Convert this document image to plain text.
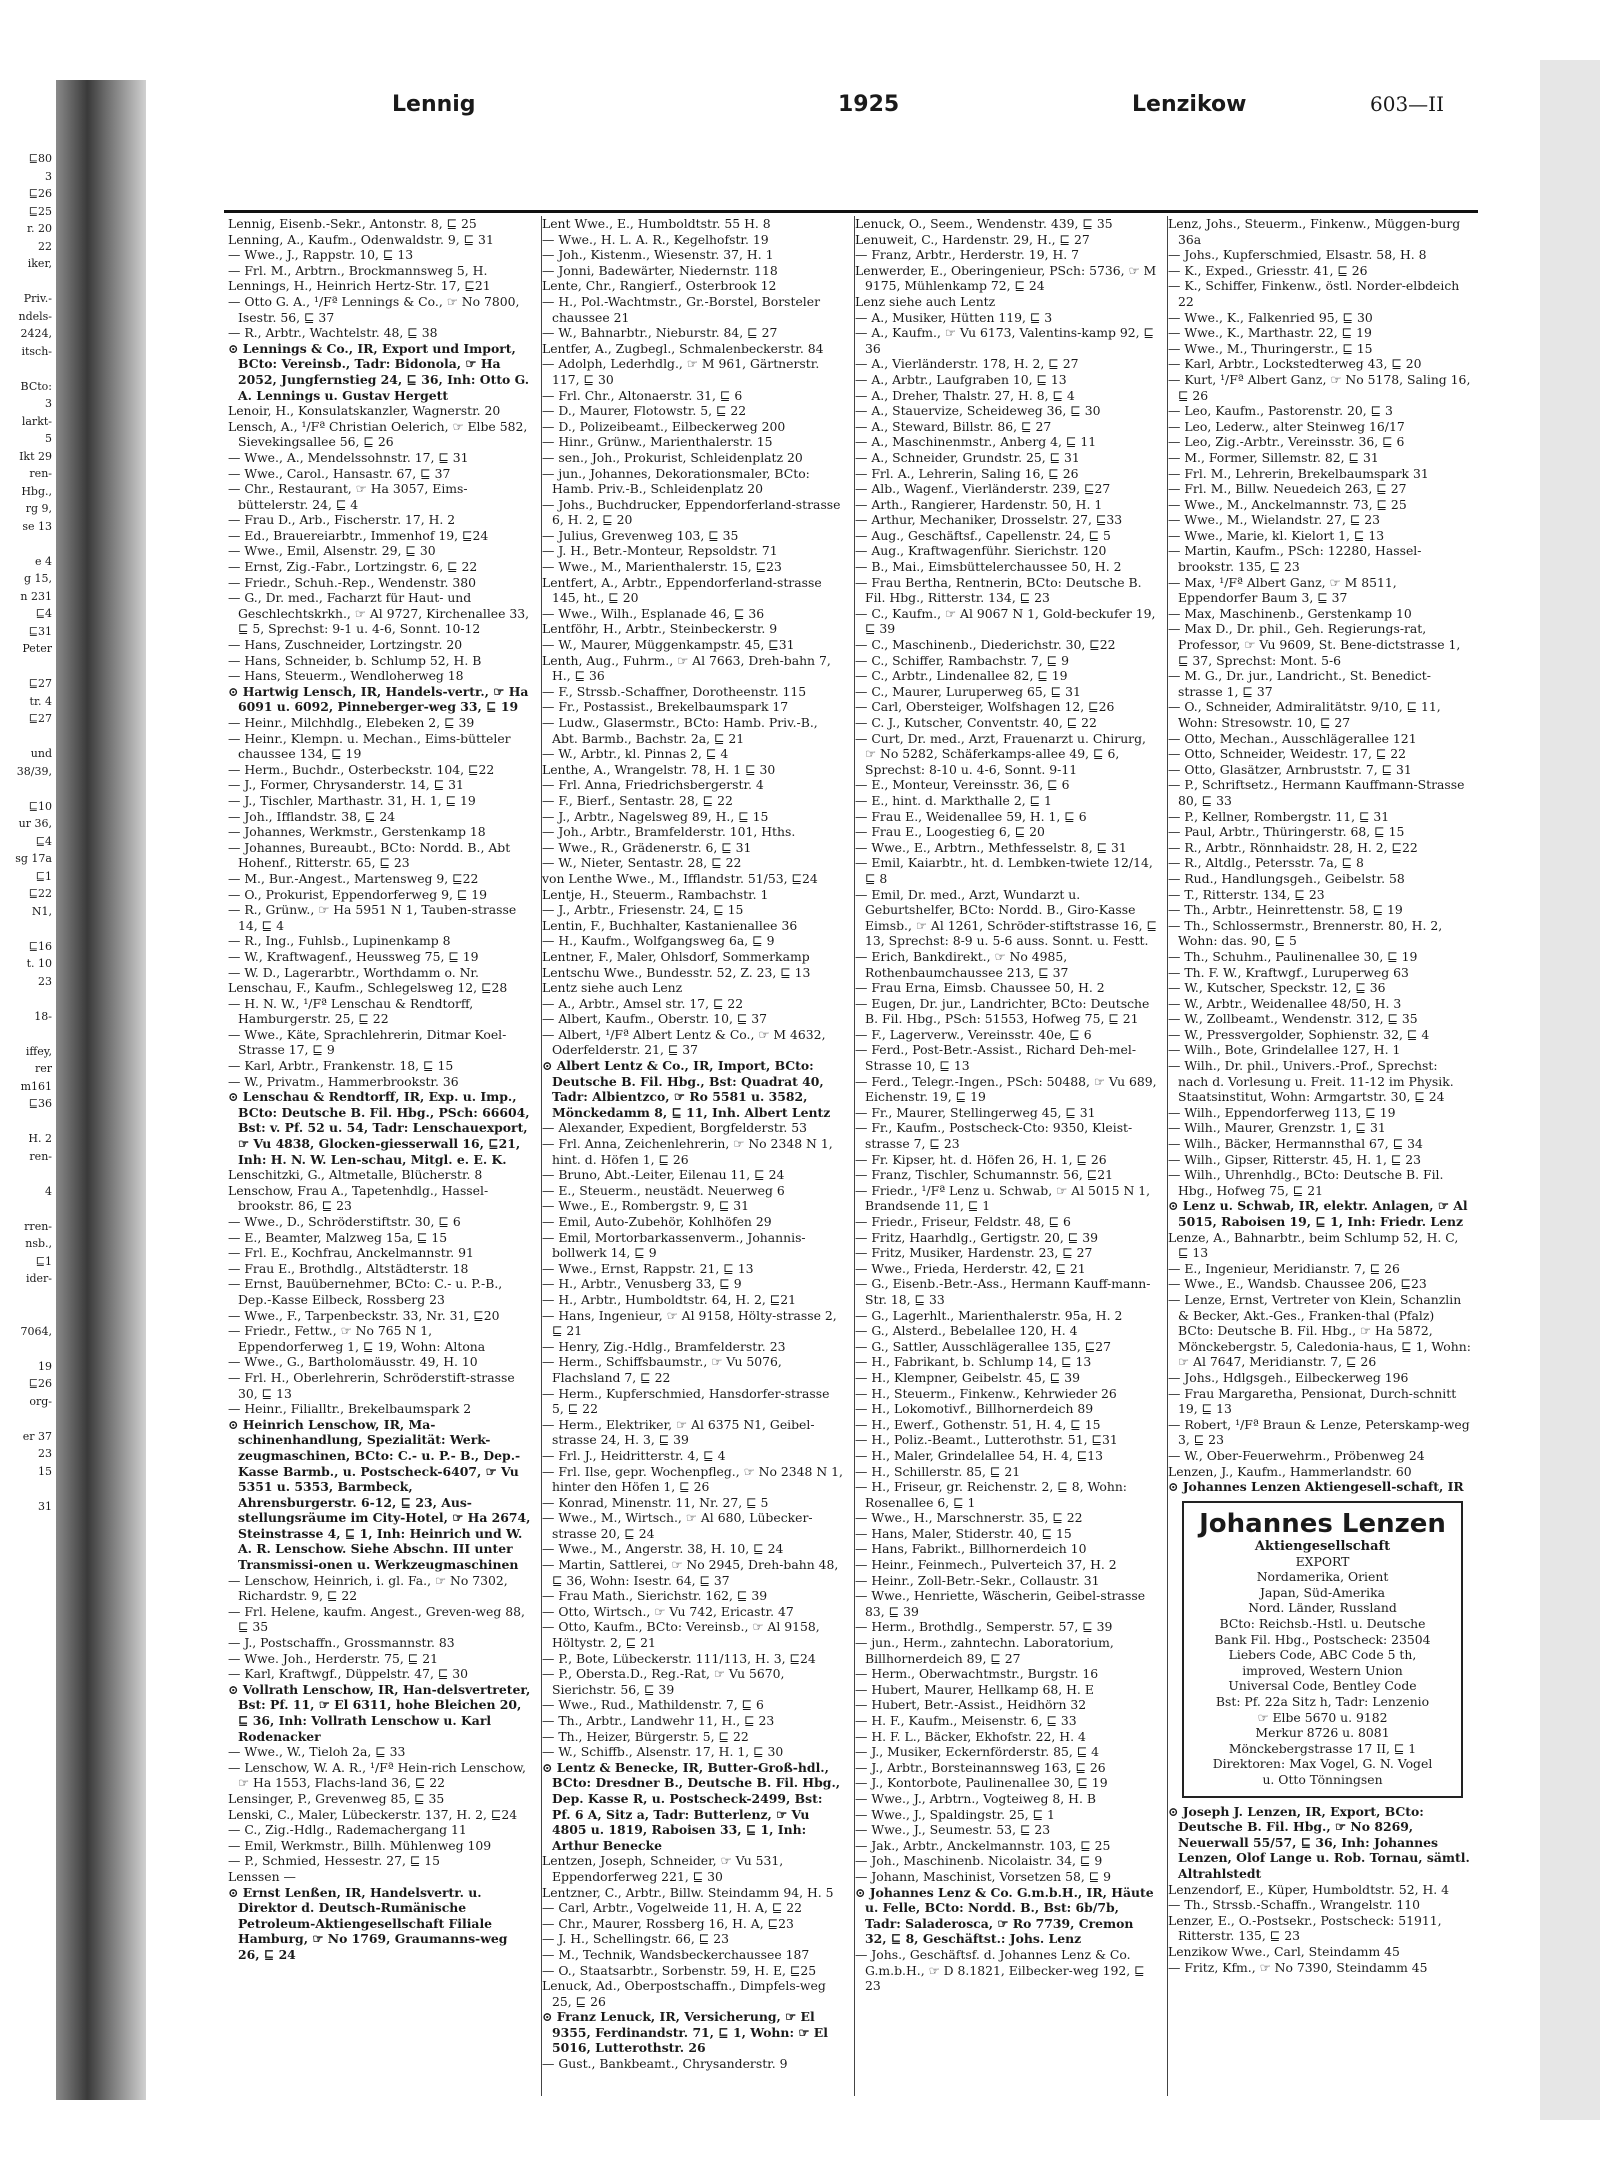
⊑80
3
⊑26
⊑25
r. 20
22
iker,

Priv.-
ndels-
2424,
itsch-

BCto:
3
larkt-
5
Ikt 29
ren-
Hbg.,
rg 9,
se 13

e 4
g 15,
n 231
⊑4
⊑31
Peter

⊑27
tr. 4
⊑27

und
38/39,

⊑10
ur 36,
⊑4
sg 17a
⊑1
⊑22
N1,

⊑16
t. 10
23

18-

iffey,
rer
m161
⊑36

H. 2
ren-

4

rren-
nsb.,
⊑1
ider-

7064,

19
⊑26
org-

er 37
23
15

31
Lennig	1925	Lenzikow	603—II

Lennig, Eisenb.-Sekr., Antonstr. 8, ⊑ 25

Lenning, A., Kaufm., Odenwaldstr. 9, ⊑ 31

— Wwe., J., Rappstr. 10, ⊑ 13

— Frl. M., Arbtrn., Brockmannsweg 5, H.

Lennings, H., Heinrich Hertz-Str. 17, ⊑21

— Otto G. A., ¹/Fª Lennings & Co., ☞ No 7800, Isestr. 56, ⊑ 37

— R., Arbtr., Wachtelstr. 48, ⊑ 38

⊙ Lennings & Co., IR, Export und Import, BCto: Vereinsb., Tadr: Bidonola, ☞ Ha 2052, Jungfernstieg 24, ⊑ 36, Inh: Otto G. A. Lennings u. Gustav Hergett

Lenoir, H., Konsulatskanzler, Wagnerstr. 20

Lensch, A., ¹/Fª Christian Oelerich, ☞ Elbe 582, Sievekingsallee 56, ⊑ 26

— Wwe., A., Mendelssohnstr. 17, ⊑ 31

— Wwe., Carol., Hansastr. 67, ⊑ 37

— Chr., Restaurant, ☞ Ha 3057, Eims-büttelerstr. 24, ⊑ 4

— Frau D., Arb., Fischerstr. 17, H. 2

— Ed., Brauereiarbtr., Immenhof 19, ⊑24

— Wwe., Emil, Alsenstr. 29, ⊑ 30

— Ernst, Zig.-Fabr., Lortzingstr. 6, ⊑ 22

— Friedr., Schuh.-Rep., Wendenstr. 380

— G., Dr. med., Facharzt für Haut- und Geschlechtskrkh., ☞ Al 9727, Kirchenallee 33, ⊑ 5, Sprechst: 9-1 u. 4-6, Sonnt. 10-12

— Hans, Zuschneider, Lortzingstr. 20

— Hans, Schneider, b. Schlump 52, H. B

— Hans, Steuerm., Wendloherweg 18

⊙ Hartwig Lensch, IR, Handels-vertr., ☞ Ha 6091 u. 6092, Pinneberger-weg 33, ⊑ 19

— Heinr., Milchhdlg., Elebeken 2, ⊑ 39

— Heinr., Klempn. u. Mechan., Eims-bütteler chaussee 134, ⊑ 19

— Herm., Buchdr., Osterbeckstr. 104, ⊑22

— J., Former, Chrysanderstr. 14, ⊑ 31

— J., Tischler, Marthastr. 31, H. 1, ⊑ 19

— Joh., Ifflandstr. 38, ⊑ 24

— Johannes, Werkmstr., Gerstenkamp 18

— Johannes, Bureaubt., BCto: Nordd. B., Abt Hohenf., Ritterstr. 65, ⊑ 23

— M., Bur.-Angest., Martensweg 9, ⊑22

— O., Prokurist, Eppendorferweg 9, ⊑ 19

— R., Grünw., ☞ Ha 5951 N 1, Tauben-strasse 14, ⊑ 4

— R., Ing., Fuhlsb., Lupinenkamp 8

— W., Kraftwagenf., Heussweg 75, ⊑ 19

— W. D., Lagerarbtr., Worthdamm o. Nr.

Lenschau, F., Kaufm., Schlegelsweg 12, ⊑28

— H. N. W., ¹/Fª Lenschau & Rendtorff, Hamburgerstr. 25, ⊑ 22

— Wwe., Käte, Sprachlehrerin, Ditmar Koel-Strasse 17, ⊑ 9

— Karl, Arbtr., Frankenstr. 18, ⊑ 15

— W., Privatm., Hammerbrookstr. 36

⊙ Lenschau & Rendtorff, IR, Exp. u. Imp., BCto: Deutsche B. Fil. Hbg., PSch: 66604, Bst: v. Pf. 52 u. 54, Tadr: Lenschauexport, ☞ Vu 4838, Glocken-giesserwall 16, ⊑21, Inh: H. N. W. Len-schau, Mitgl. e. E. K.

Lenschitzki, G., Altmetalle, Blücherstr. 8

Lenschow, Frau A., Tapetenhdlg., Hassel-brookstr. 86, ⊑ 23

— Wwe., D., Schröderstiftstr. 30, ⊑ 6

— E., Beamter, Malzweg 15a, ⊑ 15

— Frl. E., Kochfrau, Anckelmannstr. 91

— Frau E., Brothdlg., Altstädterstr. 18

— Ernst, Bauübernehmer, BCto: C.- u. P.-B., Dep.-Kasse Eilbeck, Rossberg 23

— Wwe., F., Tarpenbeckstr. 33, Nr. 31, ⊑20

— Friedr., Fettw., ☞ No 765 N 1, Eppendorferweg 1, ⊑ 19, Wohn: Altona

— Wwe., G., Bartholomäusstr. 49, H. 10

— Frl. H., Oberlehrerin, Schröderstift-strasse 30, ⊑ 13

— Heinr., Filialltr., Brekelbaumspark 2

⊙ Heinrich Lenschow, IR, Ma-schinenhandlung, Spezialität: Werk-zeugmaschinen, BCto: C.- u. P.- B., Dep.-Kasse Barmb., u. Postscheck-6407, ☞ Vu 5351 u. 5353, Barmbeck, Ahrensburgerstr. 6-12, ⊑ 23, Aus-stellungsräume im City-Hotel, ☞ Ha 2674, Steinstrasse 4, ⊑ 1, Inh: Heinrich und W. A. R. Lenschow. Siehe Abschn. III unter Transmissi-onen u. Werkzeugmaschinen

— Lenschow, Heinrich, i. gl. Fa., ☞ No 7302, Richardstr. 9, ⊑ 22

— Frl. Helene, kaufm. Angest., Greven-weg 88, ⊑ 35

— J., Postschaffn., Grossmannstr. 83

— Wwe. Joh., Herderstr. 75, ⊑ 21

— Karl, Kraftwgf., Düppelstr. 47, ⊑ 30

⊙ Vollrath Lenschow, IR, Han-delsvertreter, Bst: Pf. 11, ☞ El 6311, hohe Bleichen 20, ⊑ 36, Inh: Vollrath Lenschow u. Karl Rodenacker

— Wwe., W., Tieloh 2a, ⊑ 33

— Lenschow, W. A. R., ¹/Fª Hein-rich Lenschow, ☞ Ha 1553, Flachs-land 36, ⊑ 22

Lensinger, P., Grevenweg 85, ⊑ 35

Lenski, C., Maler, Lübeckerstr. 137, H. 2, ⊑24

— C., Zig.-Hdlg., Rademachergang 11

— Emil, Werkmstr., Billh. Mühlenweg 109

— P., Schmied, Hessestr. 27, ⊑ 15

Lenssen —

⊙ Ernst Lenßen, IR, Handelsvertr. u. Direktor d. Deutsch-Rumänische Petroleum-Aktiengesellschaft Filiale Hamburg, ☞ No 1769, Graumanns-weg 26, ⊑ 24

Lent Wwe., E., Humboldtstr. 55 H. 8

— Wwe., H. L. A. R., Kegelhofstr. 19

— Joh., Kistenm., Wiesenstr. 37, H. 1

— Jonni, Badewärter, Niedernstr. 118

Lente, Chr., Rangierf., Osterbrook 12

— H., Pol.-Wachtmstr., Gr.-Borstel, Borsteler chaussee 21

— W., Bahnarbtr., Nieburstr. 84, ⊑ 27

Lentfer, A., Zugbegl., Schmalenbeckerstr. 84

— Adolph, Lederhdlg., ☞ M 961, Gärtnerstr. 117, ⊑ 30

— Frl. Chr., Altonaerstr. 31, ⊑ 6

— D., Maurer, Flotowstr. 5, ⊑ 22

— D., Polizeibeamt., Eilbeckerweg 200

— Hinr., Grünw., Marienthalerstr. 15

— sen., Joh., Prokurist, Schleidenplatz 20

— jun., Johannes, Dekorationsmaler, BCto: Hamb. Priv.-B., Schleidenplatz 20

— Johs., Buchdrucker, Eppendorferland-strasse 6, H. 2, ⊑ 20

— Julius, Grevenweg 103, ⊑ 35

— J. H., Betr.-Monteur, Repsoldstr. 71

— Wwe., M., Marienthalerstr. 15, ⊑23

Lentfert, A., Arbtr., Eppendorferland-strasse 145, ht., ⊑ 20

— Wwe., Wilh., Esplanade 46, ⊑ 36

Lentföhr, H., Arbtr., Steinbeckerstr. 9

— W., Maurer, Müggenkampstr. 45, ⊑31

Lenth, Aug., Fuhrm., ☞ Al 7663, Dreh-bahn 7, H., ⊑ 36

— F., Strssb.-Schaffner, Dorotheenstr. 115

— Fr., Postassist., Brekelbaumspark 17

— Ludw., Glasermstr., BCto: Hamb. Priv.-B., Abt. Barmb., Bachstr. 2a, ⊑ 21

— W., Arbtr., kl. Pinnas 2, ⊑ 4

Lenthe, A., Wrangelstr. 78, H. 1 ⊑ 30

— Frl. Anna, Friedrichsbergerstr. 4

— F., Bierf., Sentastr. 28, ⊑ 22

— J., Arbtr., Nagelsweg 89, H., ⊑ 15

— Joh., Arbtr., Bramfelderstr. 101, Hths.

— Wwe., R., Grädenerstr. 6, ⊑ 31

— W., Nieter, Sentastr. 28, ⊑ 22

von Lenthe Wwe., M., Ifflandstr. 51/53, ⊑24

Lentje, H., Steuerm., Rambachstr. 1

— J., Arbtr., Friesenstr. 24, ⊑ 15

Lentin, F., Buchhalter, Kastanienallee 36

— H., Kaufm., Wolfgangsweg 6a, ⊑ 9

Lentner, F., Maler, Ohlsdorf, Sommerkamp

Lentschu Wwe., Bundesstr. 52, Z. 23, ⊑ 13

Lentz siehe auch Lenz

— A., Arbtr., Amsel str. 17, ⊑ 22

— Albert, Kaufm., Oberstr. 10, ⊑ 37

— Albert, ¹/Fª Albert Lentz & Co., ☞ M 4632, Oderfelderstr. 21, ⊑ 37

⊙ Albert Lentz & Co., IR, Import, BCto: Deutsche B. Fil. Hbg., Bst: Quadrat 40, Tadr: Albientzco, ☞ Ro 5581 u. 3582, Mönckedamm 8, ⊑ 11, Inh. Albert Lentz

— Alexander, Expedient, Borgfelderstr. 53

— Frl. Anna, Zeichenlehrerin, ☞ No 2348 N 1, hint. d. Höfen 1, ⊑ 26

— Bruno, Abt.-Leiter, Eilenau 11, ⊑ 24

— E., Steuerm., neustädt. Neuerweg 6

— Wwe., E., Rombergstr. 9, ⊑ 31

— Emil, Auto-Zubehör, Kohlhöfen 29

— Emil, Mortorbarkassenverm., Johannis-bollwerk 14, ⊑ 9

— Wwe., Ernst, Rappstr. 21, ⊑ 13

— H., Arbtr., Venusberg 33, ⊑ 9

— H., Arbtr., Humboldtstr. 64, H. 2, ⊑21

— Hans, Ingenieur, ☞ Al 9158, Hölty-strasse 2, ⊑ 21

— Henry, Zig.-Hdlg., Bramfelderstr. 23

— Herm., Schiffsbaumstr., ☞ Vu 5076, Flachsland 7, ⊑ 22

— Herm., Kupferschmied, Hansdorfer-strasse 5, ⊑ 22

— Herm., Elektriker, ☞ Al 6375 N1, Geibel-strasse 24, H. 3, ⊑ 39

— Frl. J., Heidritterstr. 4, ⊑ 4

— Frl. Ilse, gepr. Wochenpfleg., ☞ No 2348 N 1, hinter den Höfen 1, ⊑ 26

— Konrad, Minenstr. 11, Nr. 27, ⊑ 5

— Wwe., M., Wirtsch., ☞ Al 680, Lübecker-strasse 20, ⊑ 24

— Wwe., M., Angerstr. 38, H. 10, ⊑ 24

— Martin, Sattlerei, ☞ No 2945, Dreh-bahn 48, ⊑ 36, Wohn: Isestr. 64, ⊑ 37

— Frau Math., Sierichstr. 162, ⊑ 39

— Otto, Wirtsch., ☞ Vu 742, Ericastr. 47

— Otto, Kaufm., BCto: Vereinsb., ☞ Al 9158, Höltystr. 2, ⊑ 21

— P., Bote, Lübeckerstr. 111/113, H. 3, ⊑24

— P., Obersta.D., Reg.-Rat, ☞ Vu 5670, Sierichstr. 56, ⊑ 39

— Wwe., Rud., Mathildenstr. 7, ⊑ 6

— Th., Arbtr., Landwehr 11, H., ⊑ 23

— Th., Heizer, Bürgerstr. 5, ⊑ 22

— W., Schiffb., Alsenstr. 17, H. 1, ⊑ 30

⊙ Lentz & Benecke, IR, Butter-Groß-hdl., BCto: Dresdner B., Deutsche B. Fil. Hbg., Dep. Kasse R, u. Postscheck-2499, Bst: Pf. 6 A, Sitz a, Tadr: Butterlenz, ☞ Vu 4805 u. 1819, Raboisen 33, ⊑ 1, Inh: Arthur Benecke

Lentzen, Joseph, Schneider, ☞ Vu 531, Eppendorferweg 221, ⊑ 30

Lentzner, C., Arbtr., Billw. Steindamm 94, H. 5

— Carl, Arbtr., Vogelweide 11, H. A, ⊑ 22

— Chr., Maurer, Rossberg 16, H. A, ⊑23

— J. H., Schellingstr. 66, ⊑ 23

— M., Technik, Wandsbeckerchaussee 187

— O., Staatsarbtr., Sorbenstr. 59, H. E, ⊑25

Lenuck, Ad., Oberpostschaffn., Dimpfels-weg 25, ⊑ 26

⊙ Franz Lenuck, IR, Versicherung, ☞ El 9355, Ferdinandstr. 71, ⊑ 1, Wohn: ☞ El 5016, Lutterothstr. 26

— Gust., Bankbeamt., Chrysanderstr. 9

Lenuck, O., Seem., Wendenstr. 439, ⊑ 35

Lenuweit, C., Hardenstr. 29, H., ⊑ 27

— Franz, Arbtr., Herderstr. 19, H. 7

Lenwerder, E., Oberingenieur, PSch: 5736, ☞ M 9175, Mühlenkamp 72, ⊑ 24

Lenz siehe auch Lentz

— A., Musiker, Hütten 119, ⊑ 3

— A., Kaufm., ☞ Vu 6173, Valentins-kamp 92, ⊑ 36

— A., Vierländerstr. 178, H. 2, ⊑ 27

— A., Arbtr., Laufgraben 10, ⊑ 13

— A., Dreher, Thalstr. 27, H. 8, ⊑ 4

— A., Stauervize, Scheideweg 36, ⊑ 30

— A., Steward, Billstr. 86, ⊑ 27

— A., Maschinenmstr., Anberg 4, ⊑ 11

— A., Schneider, Grundstr. 25, ⊑ 31

— Frl. A., Lehrerin, Saling 16, ⊑ 26

— Alb., Wagenf., Vierländerstr. 239, ⊑27

— Arth., Rangierer, Hardenstr. 50, H. 1

— Arthur, Mechaniker, Drosselstr. 27, ⊑33

— Aug., Geschäftsf., Capellenstr. 24, ⊑ 5

— Aug., Kraftwagenführ. Sierichstr. 120

— B., Mai., Eimsbüttelerchaussee 50, H. 2

— Frau Bertha, Rentnerin, BCto: Deutsche B. Fil. Hbg., Ritterstr. 134, ⊑ 23

— C., Kaufm., ☞ Al 9067 N 1, Gold-beckufer 19, ⊑ 39

— C., Maschinenb., Diederichstr. 30, ⊑22

— C., Schiffer, Rambachstr. 7, ⊑ 9

— C., Arbtr., Lindenallee 82, ⊑ 19

— C., Maurer, Luruperweg 65, ⊑ 31

— Carl, Obersteiger, Wolfshagen 12, ⊑26

— C. J., Kutscher, Conventstr. 40, ⊑ 22

— Curt, Dr. med., Arzt, Frauenarzt u. Chirurg, ☞ No 5282, Schäferkamps-allee 49, ⊑ 6, Sprechst: 8-10 u. 4-6, Sonnt. 9-11

— E., Monteur, Vereinsstr. 36, ⊑ 6

— E., hint. d. Markthalle 2, ⊑ 1

— Frau E., Weidenallee 59, H. 1, ⊑ 6

— Frau E., Loogestieg 6, ⊑ 20

— Wwe., E., Arbtrn., Methfesselstr. 8, ⊑ 31

— Emil, Kaiarbtr., ht. d. Lembken-twiete 12/14, ⊑ 8

— Emil, Dr. med., Arzt, Wundarzt u. Geburtshelfer, BCto: Nordd. B., Giro-Kasse Eimsb., ☞ Al 1261, Schröder-stiftstrasse 16, ⊑ 13, Sprechst: 8-9 u. 5-6 auss. Sonnt. u. Festt.

— Erich, Bankdirekt., ☞ No 4985, Rothenbaumchaussee 213, ⊑ 37

— Frau Erna, Eimsb. Chaussee 50, H. 2

— Eugen, Dr. jur., Landrichter, BCto: Deutsche B. Fil. Hbg., PSch: 51553, Hofweg 75, ⊑ 21

— F., Lagerverw., Vereinsstr. 40e, ⊑ 6

— Ferd., Post-Betr.-Assist., Richard Deh-mel-Strasse 10, ⊑ 13

— Ferd., Telegr.-Ingen., PSch: 50488, ☞ Vu 689, Eichenstr. 19, ⊑ 19

— Fr., Maurer, Stellingerweg 45, ⊑ 31

— Fr., Kaufm., Postscheck-Cto: 9350, Kleist-strasse 7, ⊑ 23

— Fr. Kipser, ht. d. Höfen 26, H. 1, ⊑ 26

— Franz, Tischler, Schumannstr. 56, ⊑21

— Friedr., ¹/Fª Lenz u. Schwab, ☞ Al 5015 N 1, Brandsende 11, ⊑ 1

— Friedr., Friseur, Feldstr. 48, ⊑ 6

— Fritz, Haarhdlg., Gertigstr. 20, ⊑ 39

— Fritz, Musiker, Hardenstr. 23, ⊑ 27

— Wwe., Frieda, Herderstr. 42, ⊑ 21

— G., Eisenb.-Betr.-Ass., Hermann Kauff-mann-Str. 18, ⊑ 33

— G., Lagerhlt., Marienthalerstr. 95a, H. 2

— G., Alsterd., Bebelallee 120, H. 4

— G., Sattler, Ausschlägerallee 135, ⊑27

— H., Fabrikant, b. Schlump 14, ⊑ 13

— H., Klempner, Geibelstr. 45, ⊑ 39

— H., Steuerm., Finkenw., Kehrwieder 26

— H., Lokomotivf., Billhornerdeich 89

— H., Ewerf., Gothenstr. 51, H. 4, ⊑ 15

— H., Poliz.-Beamt., Lutterothstr. 51, ⊑31

— H., Maler, Grindelallee 54, H. 4, ⊑13

— H., Schillerstr. 85, ⊑ 21

— H., Friseur, gr. Reichenstr. 2, ⊑ 8, Wohn: Rosenallee 6, ⊑ 1

— Wwe., H., Marschnerstr. 35, ⊑ 22

— Hans, Maler, Stiderstr. 40, ⊑ 15

— Hans, Fabrikt., Billhornerdeich 10

— Heinr., Feinmech., Pulverteich 37, H. 2

— Heinr., Zoll-Betr.-Sekr., Collaustr. 31

— Wwe., Henriette, Wäscherin, Geibel-strasse 83, ⊑ 39

— Herm., Brothdlg., Semperstr. 57, ⊑ 39

— jun., Herm., zahntechn. Laboratorium, Billhornerdeich 89, ⊑ 27

— Herm., Oberwachtmstr., Burgstr. 16

— Hubert, Maurer, Hellkamp 68, H. E

— Hubert, Betr.-Assist., Heidhörn 32

— H. F., Kaufm., Meisenstr. 6, ⊑ 33

— H. F. L., Bäcker, Ekhofstr. 22, H. 4

— J., Musiker, Eckernförderstr. 85, ⊑ 4

— J., Arbtr., Borsteinannsweg 163, ⊑ 26

— J., Kontorbote, Paulinenallee 30, ⊑ 19

— Wwe., J., Arbtrn., Vogteiweg 8, H. B

— Wwe., J., Spaldingstr. 25, ⊑ 1

— Wwe., J., Seumestr. 53, ⊑ 23

— Jak., Arbtr., Anckelmannstr. 103, ⊑ 25

— Joh., Maschinenb. Nicolaistr. 34, ⊑ 9

— Johann, Maschinist, Vorsetzen 58, ⊑ 9

⊙ Johannes Lenz & Co. G.m.b.H., IR, Häute u. Felle, BCto: Nordd. B., Bst: 6b/7b, Tadr: Saladerosca, ☞ Ro 7739, Cremon 32, ⊑ 8, Geschäftst.: Johs. Lenz

— Johs., Geschäftsf. d. Johannes Lenz & Co. G.m.b.H., ☞ D 8.1821, Eilbecker-weg 192, ⊑ 23

Lenz, Johs., Steuerm., Finkenw., Müggen-burg 36a

— Johs., Kupferschmied, Elsastr. 58, H. 8

— K., Exped., Griesstr. 41, ⊑ 26

— K., Schiffer, Finkenw., östl. Norder-elbdeich 22

— Wwe., K., Falkenried 95, ⊑ 30

— Wwe., K., Marthastr. 22, ⊑ 19

— Wwe., M., Thuringerstr., ⊑ 15

— Karl, Arbtr., Lockstedterweg 43, ⊑ 20

— Kurt, ¹/Fª Albert Ganz, ☞ No 5178, Saling 16, ⊑ 26

— Leo, Kaufm., Pastorenstr. 20, ⊑ 3

— Leo, Lederw., alter Steinweg 16/17

— Leo, Zig.-Arbtr., Vereinsstr. 36, ⊑ 6

— M., Former, Sillemstr. 82, ⊑ 31

— Frl. M., Lehrerin, Brekelbaumspark 31

— Frl. M., Billw. Neuedeich 263, ⊑ 27

— Wwe., M., Anckelmannstr. 73, ⊑ 25

— Wwe., M., Wielandstr. 27, ⊑ 23

— Wwe., Marie, kl. Kielort 1, ⊑ 13

— Martin, Kaufm., PSch: 12280, Hassel-brookstr. 135, ⊑ 23

— Max, ¹/Fª Albert Ganz, ☞ M 8511, Eppendorfer Baum 3, ⊑ 37

— Max, Maschinenb., Gerstenkamp 10

— Max D., Dr. phil., Geh. Regierungs-rat, Professor, ☞ Vu 9609, St. Bene-dictstrasse 1, ⊑ 37, Sprechst: Mont. 5-6

— M. G., Dr. jur., Landricht., St. Benedict-strasse 1, ⊑ 37

— O., Schneider, Admiralitätstr. 9/10, ⊑ 11, Wohn: Stresowstr. 10, ⊑ 27

— Otto, Mechan., Ausschlägerallee 121

— Otto, Schneider, Weidestr. 17, ⊑ 22

— Otto, Glasätzer, Arnbruststr. 7, ⊑ 31

— P., Schriftsetz., Hermann Kauffmann-Strasse 80, ⊑ 33

— P., Kellner, Rombergstr. 11, ⊑ 31

— Paul, Arbtr., Thüringerstr. 68, ⊑ 15

— R., Arbtr., Rönnhaidstr. 28, H. 2, ⊑22

— R., Altdlg., Petersstr. 7a, ⊑ 8

— Rud., Handlungsgeh., Geibelstr. 58

— T., Ritterstr. 134, ⊑ 23

— Th., Arbtr., Heinrettenstr. 58, ⊑ 19

— Th., Schlossermstr., Brennerstr. 80, H. 2, Wohn: das. 90, ⊑ 5

— Th., Schuhm., Paulinenallee 30, ⊑ 19

— Th. F. W., Kraftwgf., Luruperweg 63

— W., Kutscher, Speckstr. 12, ⊑ 36

— W., Arbtr., Weidenallee 48/50, H. 3

— W., Zollbeamt., Wendenstr. 312, ⊑ 35

— W., Pressvergolder, Sophienstr. 32, ⊑ 4

— Wilh., Bote, Grindelallee 127, H. 1

— Wilh., Dr. phil., Univers.-Prof., Sprechst: nach d. Vorlesung u. Freit. 11-12 im Physik. Staatsinstitut, Wohn: Armgartstr. 30, ⊑ 24

— Wilh., Eppendorferweg 113, ⊑ 19

— Wilh., Maurer, Grenzstr. 1, ⊑ 31

— Wilh., Bäcker, Hermannsthal 67, ⊑ 34

— Wilh., Gipser, Ritterstr. 45, H. 1, ⊑ 23

— Wilh., Uhrenhdlg., BCto: Deutsche B. Fil. Hbg., Hofweg 75, ⊑ 21

⊙ Lenz u. Schwab, IR, elektr. Anlagen, ☞ Al 5015, Raboisen 19, ⊑ 1, Inh: Friedr. Lenz

Lenze, A., Bahnarbtr., beim Schlump 52, H. C, ⊑ 13

— E., Ingenieur, Meridianstr. 7, ⊑ 26

— Wwe., E., Wandsb. Chaussee 206, ⊑23

— Lenze, Ernst, Vertreter von Klein, Schanzlin & Becker, Akt.-Ges., Franken-thal (Pfalz) BCto: Deutsche B. Fil. Hbg., ☞ Ha 5872, Mönckebergstr. 5, Caledonia-haus, ⊑ 1, Wohn: ☞ Al 7647, Meridianstr. 7, ⊑ 26

— Johs., Hdlgsgeh., Eilbeckerweg 196

— Frau Margaretha, Pensionat, Durch-schnitt 19, ⊑ 13

— Robert, ¹/Fª Braun & Lenze, Peterskamp-weg 3, ⊑ 23

— W., Ober-Feuerwehrm., Pröbenweg 24

Lenzen, J., Kaufm., Hammerlandstr. 60

⊙ Johannes Lenzen Aktiengesell-schaft, IR

Johannes Lenzen
Aktiengesellschaft
EXPORT
Nordamerika, Orient
Japan, Süd-Amerika
Nord. Länder, Russland
BCto: Reichsb.-Hstl. u. Deutsche
Bank Fil. Hbg., Postscheck: 23504
Liebers Code, ABC Code 5 th,
improved, Western Union
Universal Code, Bentley Code
Bst: Pf. 22a Sitz h, Tadr: Lenzenio
☞ Elbe 5670 u. 9182
Merkur 8726 u. 8081
Mönckebergstrasse 17 II, ⊑ 1
Direktoren: Max Vogel, G. N. Vogel
u. Otto Tönningsen

⊙ Joseph J. Lenzen, IR, Export, BCto: Deutsche B. Fil. Hbg., ☞ No 8269, Neuerwall 55/57, ⊑ 36, Inh: Johannes Lenzen, Olof Lange u. Rob. Tornau, sämtl. Altrahlstedt

Lenzendorf, E., Küper, Humboldtstr. 52, H. 4

— Th., Strssb.-Schaffn., Wrangelstr. 110

Lenzer, E., O.-Postsekr., Postscheck: 51911, Ritterstr. 135, ⊑ 23

Lenzikow Wwe., Carl, Steindamm 45

— Fritz, Kfm., ☞ No 7390, Steindamm 45
